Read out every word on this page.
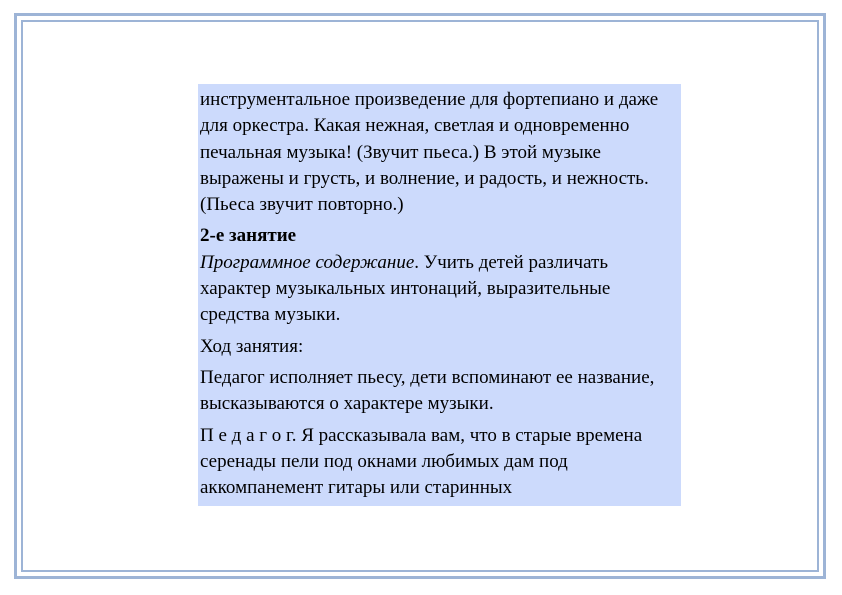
инструментальное произведение для фортепиано и даже для оркестра. Какая нежная, светлая и одновременно печальная музыка! (Звучит пьеса.) В этой музыке выражены и грусть, и волнение, и радость, и нежность. (Пьеса звучит повторно.)

2-е занятие

Программное содержание. Учить детей различать характер музыкальных интонаций, выразительные средства музыки.

Ход занятия:

Педагог исполняет пьесу, дети вспоминают ее название, высказываются о характере музыки.

П е д а г о г. Я рассказывала вам, что в старые времена серенады пели под окнами любимых дам под аккомпанемент гитары или старинных
